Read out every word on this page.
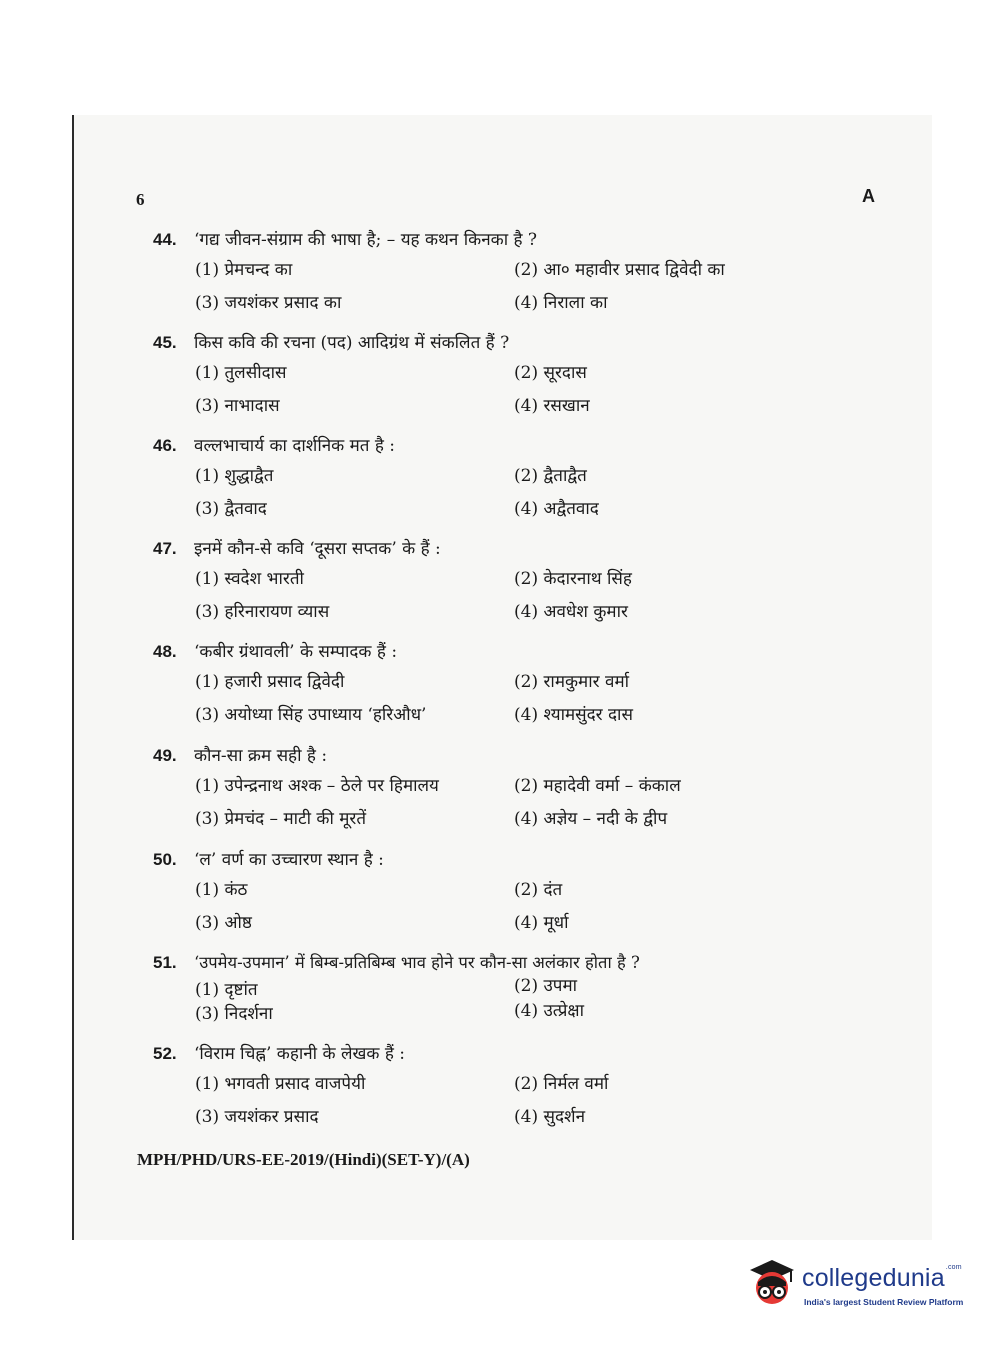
6	A
44. ‘गद्य जीवन-संग्राम की भाषा है; – यह कथन किनका है ?
(1) प्रेमचन्द का	(2) आ० महावीर प्रसाद द्विवेदी का
(3) जयशंकर प्रसाद का	(4) निराला का
45. किस कवि की रचना (पद) आदिग्रंथ में संकलित हैं ?
(1) तुलसीदास	(2) सूरदास
(3) नाभादास	(4) रसखान
46. वल्लभाचार्य का दार्शनिक मत है :
(1) शुद्धाद्वैत	(2) द्वैताद्वैत
(3) द्वैतवाद	(4) अद्वैतवाद
47. इनमें कौन-से कवि ‘दूसरा सप्तक’ के हैं :
(1) स्वदेश भारती	(2) केदारनाथ सिंह
(3) हरिनारायण व्यास	(4) अवधेश कुमार
48. ‘कबीर ग्रंथावली’ के सम्पादक हैं :
(1) हजारी प्रसाद द्विवेदी	(2) रामकुमार वर्मा
(3) अयोध्या सिंह उपाध्याय ‘हरिऔध’	(4) श्यामसुंदर दास
49. कौन-सा क्रम सही है :
(1) उपेन्द्रनाथ अश्क – ठेले पर हिमालय	(2) महादेवी वर्मा – कंकाल
(3) प्रेमचंद – माटी की मूरतें	(4) अज्ञेय – नदी के द्वीप
50. ‘ल’ वर्ण का उच्चारण स्थान है :
(1) कंठ	(2) दंत
(3) ओष्ठ	(4) मूर्धा
51. ‘उपमेय-उपमान’ में बिम्ब-प्रतिबिम्ब भाव होने पर कौन-सा अलंकार होता है ?
(1) दृष्टांत	(2) उपमा
(3) निदर्शना	(4) उत्प्रेक्षा
52. ‘विराम चिह्न’ कहानी के लेखक हैं :
(1) भगवती प्रसाद वाजपेयी	(2) निर्मल वर्मा
(3) जयशंकर प्रसाद	(4) सुदर्शन
MPH/PHD/URS-EE-2019/(Hindi)(SET-Y)/(A)
collegedunia$^{.com}$
India's largest Student Review Platform
